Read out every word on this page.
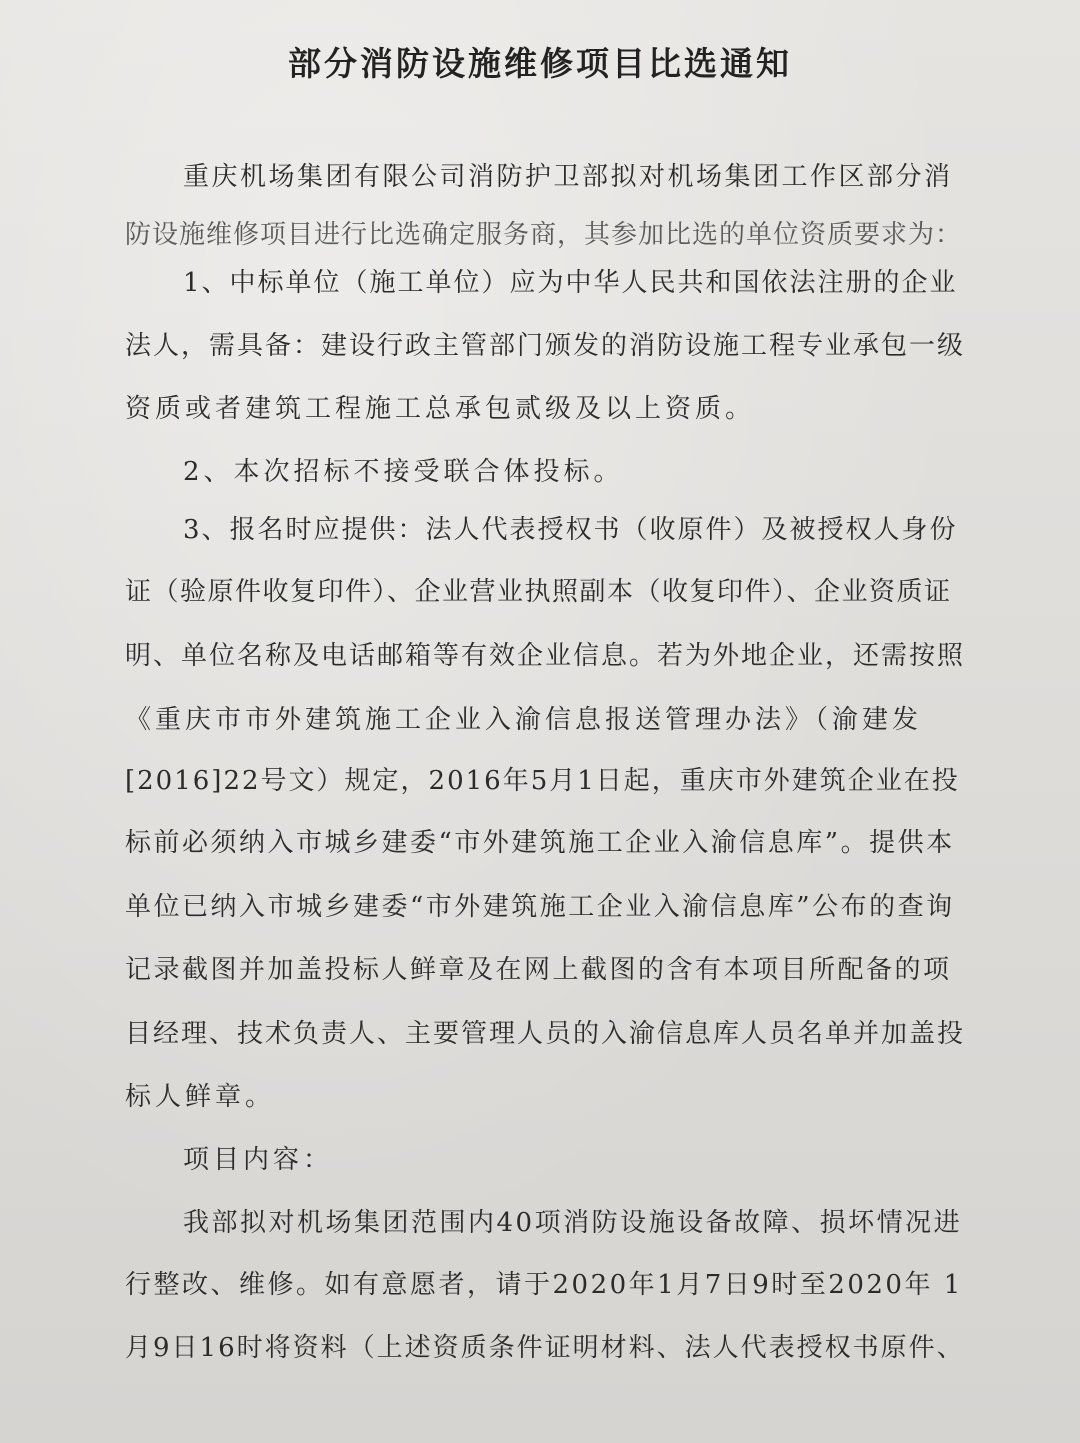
部分消防设施维修项目比选通知
重庆机场集团有限公司消防护卫部拟对机场集团工作区部分消
防设施维修项目进行比选确定服务商，其参加比选的单位资质要求为：
1、中标单位（施工单位）应为中华人民共和国依法注册的企业
法人，需具备：建设行政主管部门颁发的消防设施工程专业承包一级
资质或者建筑工程施工总承包贰级及以上资质。
2、本次招标不接受联合体投标。
3、报名时应提供：法人代表授权书（收原件）及被授权人身份
证（验原件收复印件）、企业营业执照副本（收复印件）、企业资质证
明、单位名称及电话邮箱等有效企业信息。若为外地企业，还需按照
《重庆市市外建筑施工企业入渝信息报送管理办法》（渝建发
[2016]22号文）规定，2016年5月1日起，重庆市外建筑企业在投
标前必须纳入市城乡建委“市外建筑施工企业入渝信息库”。提供本
单位已纳入市城乡建委“市外建筑施工企业入渝信息库”公布的查询
记录截图并加盖投标人鲜章及在网上截图的含有本项目所配备的项
目经理、技术负责人、主要管理人员的入渝信息库人员名单并加盖投
标人鲜章。
项目内容：
我部拟对机场集团范围内40项消防设施设备故障、损坏情况进
行整改、维修。如有意愿者，请于2020年1月7日9时至2020年 1
月9日16时将资料（上述资质条件证明材料、法人代表授权书原件、
